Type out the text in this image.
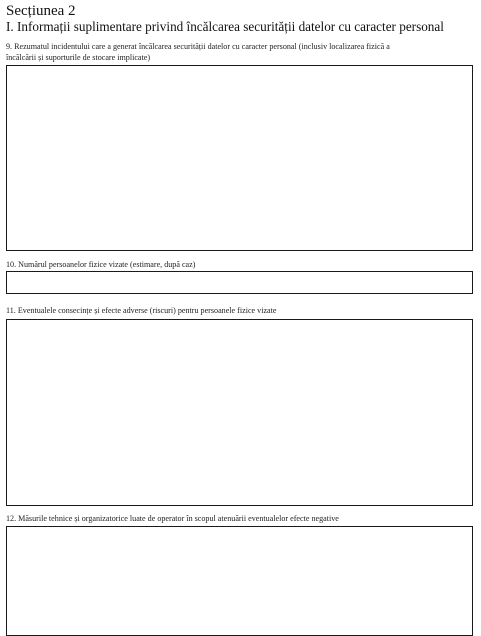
Secțiunea 2
I. Informații suplimentare privind încălcarea securității datelor cu caracter personal
9. Rezumatul incidentului care a generat încălcarea securității datelor cu caracter personal (inclusiv localizarea fizică a
încălcării și suporturile de stocare implicate)
10. Numărul persoanelor fizice vizate (estimare, după caz)
11. Eventualele consecințe și efecte adverse (riscuri) pentru persoanele fizice vizate
12. Măsurile tehnice și organizatorice luate de operator în scopul atenuării eventualelor efecte negative
